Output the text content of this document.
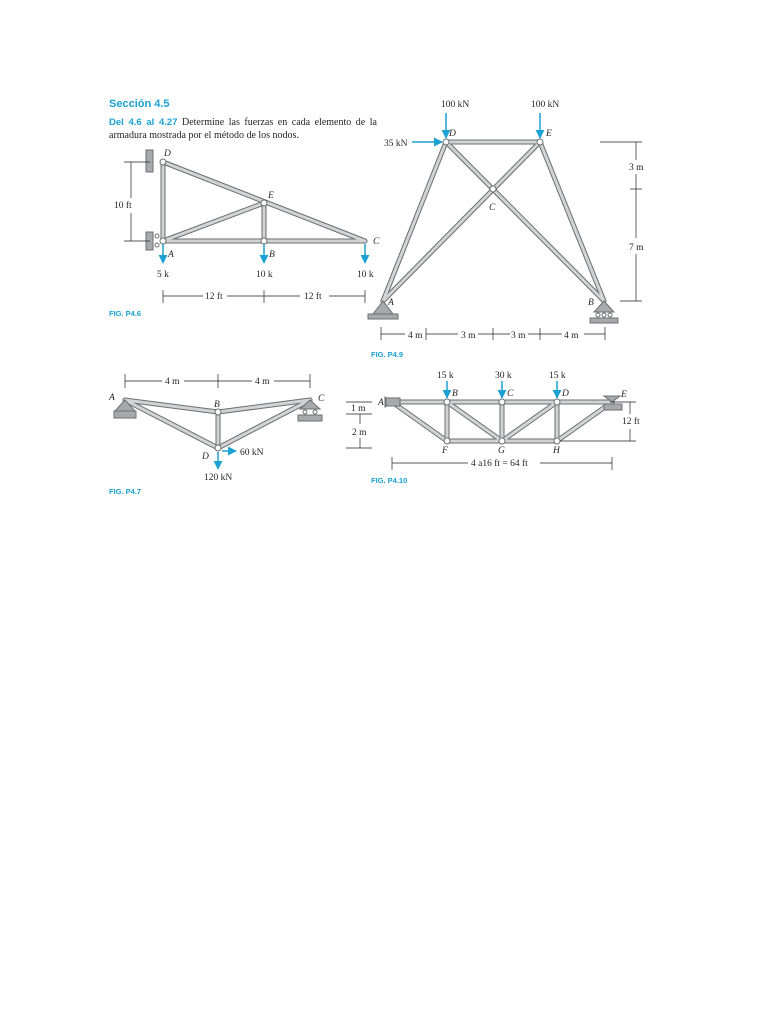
Sección 4.5
Del 4.6 al 4.27 Determine las fuerzas en cada elemento de la armadura mostrada por el método de los nodos.
D
A
E
B
C
5 k	10 k	10 k
10 ft
12 ft	12 ft
FIG. P4.6
D	E
C
A	B
100 kN	100 kN
35 kN
3 m
7 m
4 m	3 m	3 m	4 m
FIG. P4.9
A
B
C
D	60 kN
120 kN
4 m	4 m
FIG. P4.7
A
B	C	D	E
F	G	H
15 k	30 k	15 k
12 ft
4 a16 ft = 64 ft
1 m
2 m
FIG. P4.10
